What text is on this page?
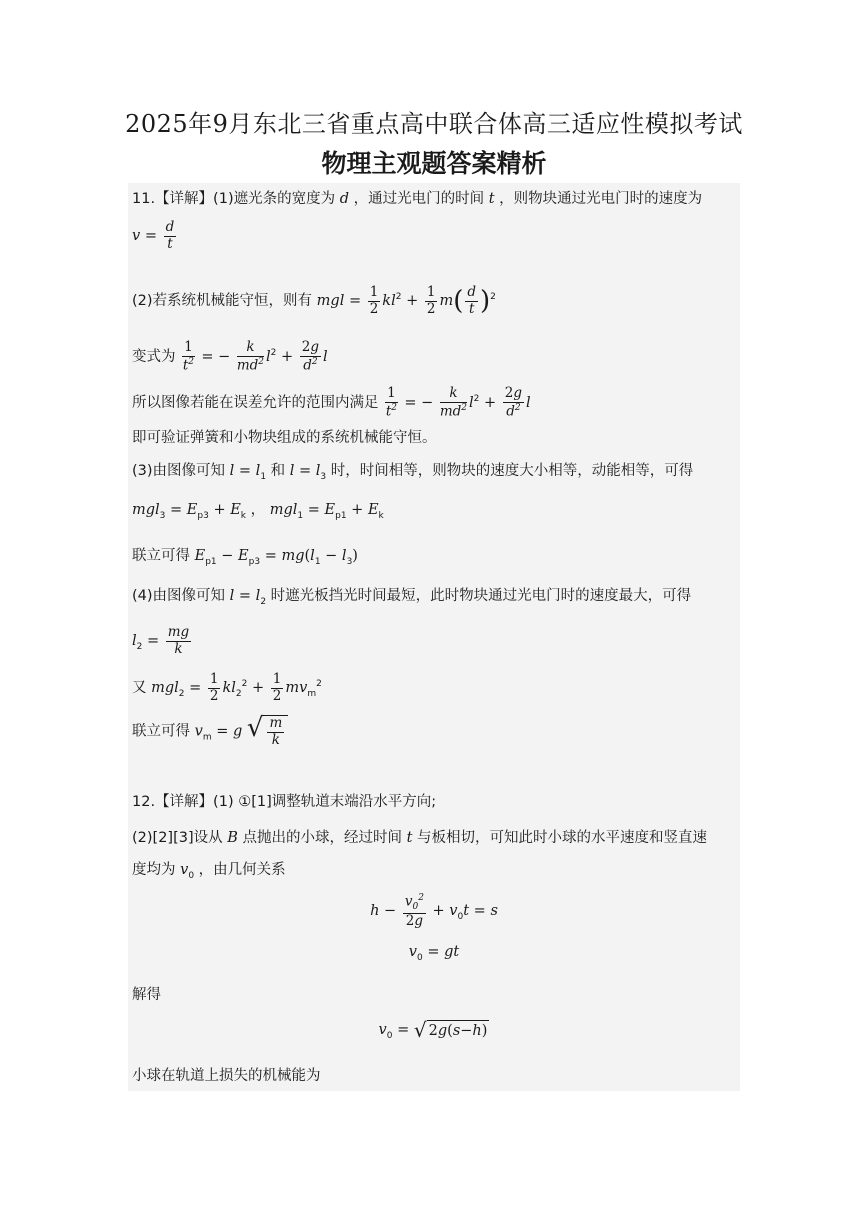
2025年9月东北三省重点高中联合体高三适应性模拟考试
物理主观题答案精析
11.【详解】(1)遮光条的宽度为 d ，通过光电门的时间 t ，则物块通过光电门时的速度为
$v = \frac{d}{t}$
(2)若系统机械能守恒，则有 mgl = $\frac{1}{2} kl^2 + \frac{1}{2} m( \frac{d}{t} )^2$
变式为 $\frac{1}{t^2}$ = − $\frac{k}{md^2} l^2 + \frac{2g}{d^2}$ l
所以图像若能在误差允许的范围内满足 $\frac{1}{t^2}$ = − $\frac{k}{md^2} l^2 + \frac{2g}{d^2}$ l
即可验证弹簧和小物块组成的系统机械能守恒。
(3)由图像可知 $l = l_1$ 和 $l = l_3$ 时，时间相等，则物块的速度大小相等，动能相等，可得
$mgl_3 = E_{p3} + E_k$ ， $mgl_1 = E_{p1} + E_k$
联立可得 $E_{p1} - E_{p3} = mg(l_1 - l_3)$
(4)由图像可知 $l = l_2$ 时遮光板挡光时间最短，此时物块通过光电门时的速度最大，可得
$l_2 = \frac{mg}{k}$
又 $mgl_2 = \frac{1}{2} kl_2^2 + \frac{1}{2} mv_m^2$
联立可得 $v_m = g$ √ $\frac{m}{k}$
12.【详解】(1) ①[1]调整轨道末端沿水平方向;
(2)[2][3]设从 B 点抛出的小球，经过时间 t 与板相切，可知此时小球的水平速度和竖直速
度均为 $v_0$ ，由几何关系
$h - \frac{v_0^2}{2g} + v_0t = s$
$v_0$ = gt
解得
$v_0$ = √ 2 g ( s − h )
小球在轨道上损失的机械能为
